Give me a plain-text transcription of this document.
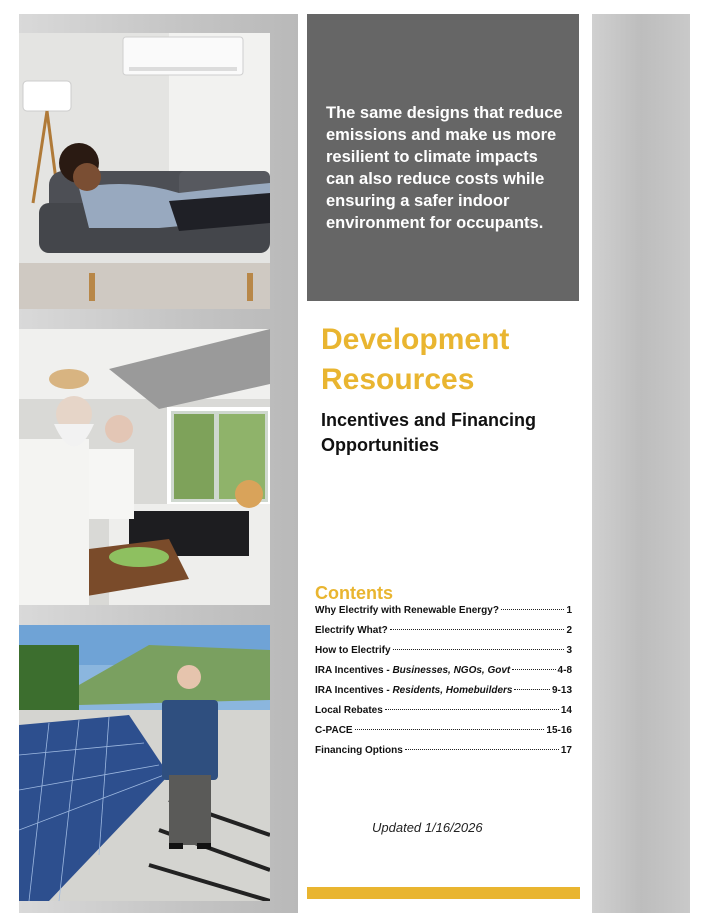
The same designs that reduce emissions and make us more resilient to climate impacts can also reduce costs while ensuring a safer indoor environment for occupants.

Development
Resources
Incentives and Financing
Opportunities
Contents
Why Electrify with Renewable Energy?	1
Electrify What?	2
How to Electrify	3
IRA Incentives - Businesses, NGOs, Govt	4-8
IRA Incentives - Residents, Homebuilders	9-13
Local Rebates	14
C-PACE	15-16
Financing Options	17

Updated 1/16/2026
